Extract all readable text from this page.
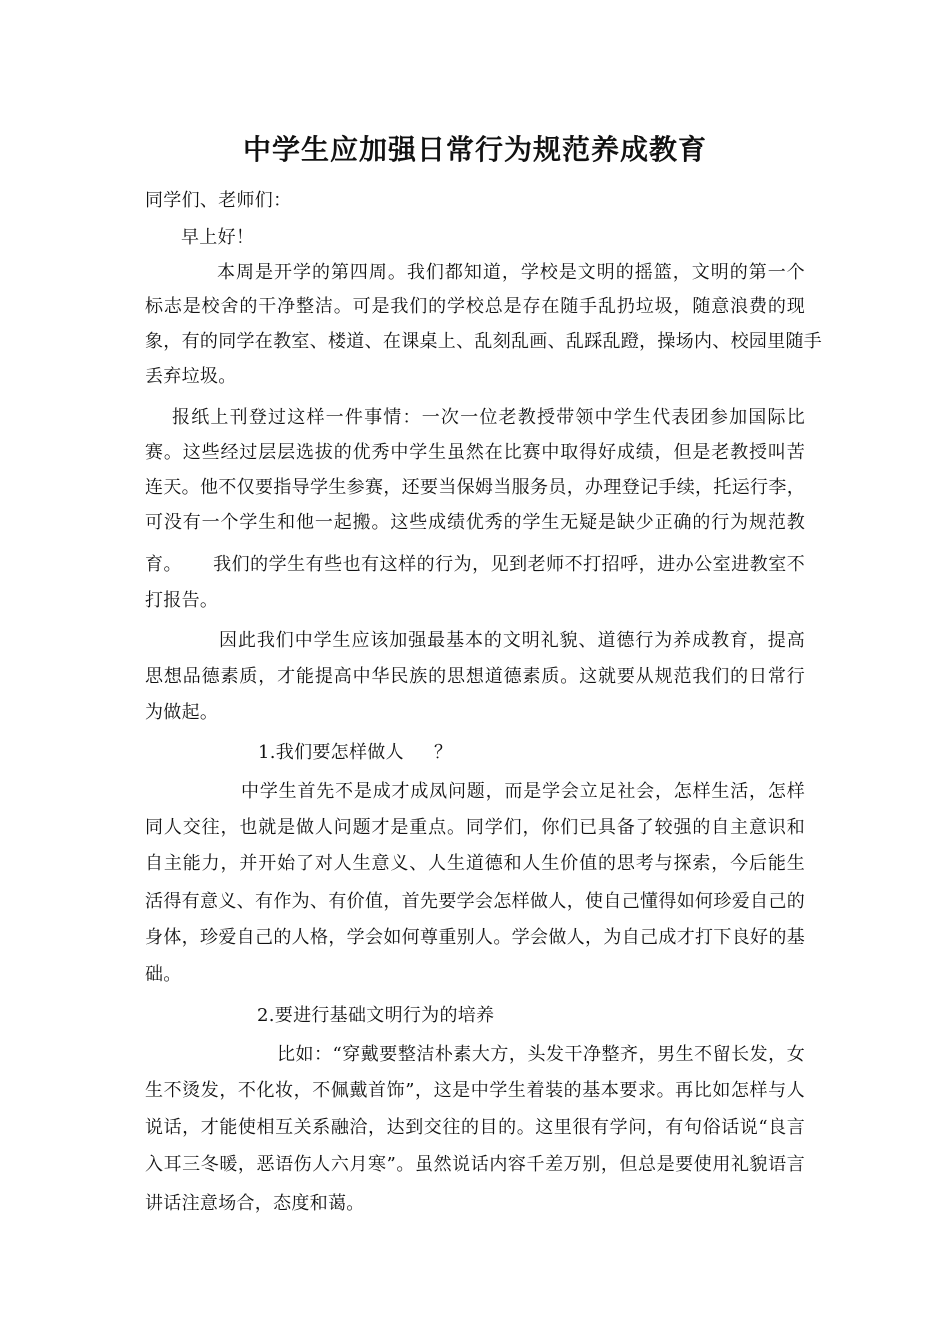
中学生应加强日常行为规范养成教育
同学们、老师们：
早上好！
本周是开学的第四周。我们都知道，学校是文明的摇篮，文明的第一个
标志是校舍的干净整洁。可是我们的学校总是存在随手乱扔垃圾，随意浪费的现
象，有的同学在教室、楼道、在课桌上、乱刻乱画、乱踩乱蹬，操场内、校园里随手
丢弃垃圾。
报纸上刊登过这样一件事情：一次一位老教授带领中学生代表团参加国际比
赛。这些经过层层选拔的优秀中学生虽然在比赛中取得好成绩，但是老教授叫苦
连天。他不仅要指导学生参赛，还要当保姆当服务员，办理登记手续，托运行李，
可没有一个学生和他一起搬。这些成绩优秀的学生无疑是缺少正确的行为规范教
育。     我们的学生有些也有这样的行为，见到老师不打招呼，进办公室进教室不
打报告。
因此我们中学生应该加强最基本的文明礼貌、道德行为养成教育，提高
思想品德素质，才能提高中华民族的思想道德素质。这就要从规范我们的日常行
为做起。
1.我们要怎样做人     ？
中学生首先不是成才成凤问题，而是学会立足社会，怎样生活，怎样
同人交往，也就是做人问题才是重点。同学们，你们已具备了较强的自主意识和
自主能力，并开始了对人生意义、人生道德和人生价值的思考与探索，今后能生
活得有意义、有作为、有价值，首先要学会怎样做人，使自己懂得如何珍爱自己的
身体，珍爱自己的人格，学会如何尊重别人。学会做人，为自己成才打下良好的基
础。
2.要进行基础文明行为的培养
比如：“穿戴要整洁朴素大方，头发干净整齐，男生不留长发，女
生不烫发，不化妆，不佩戴首饰”，这是中学生着装的基本要求。再比如怎样与人
说话，才能使相互关系融洽，达到交往的目的。这里很有学问，有句俗话说“良言
入耳三冬暖，恶语伤人六月寒”。虽然说话内容千差万别，但总是要使用礼貌语言
讲话注意场合，态度和蔼。
